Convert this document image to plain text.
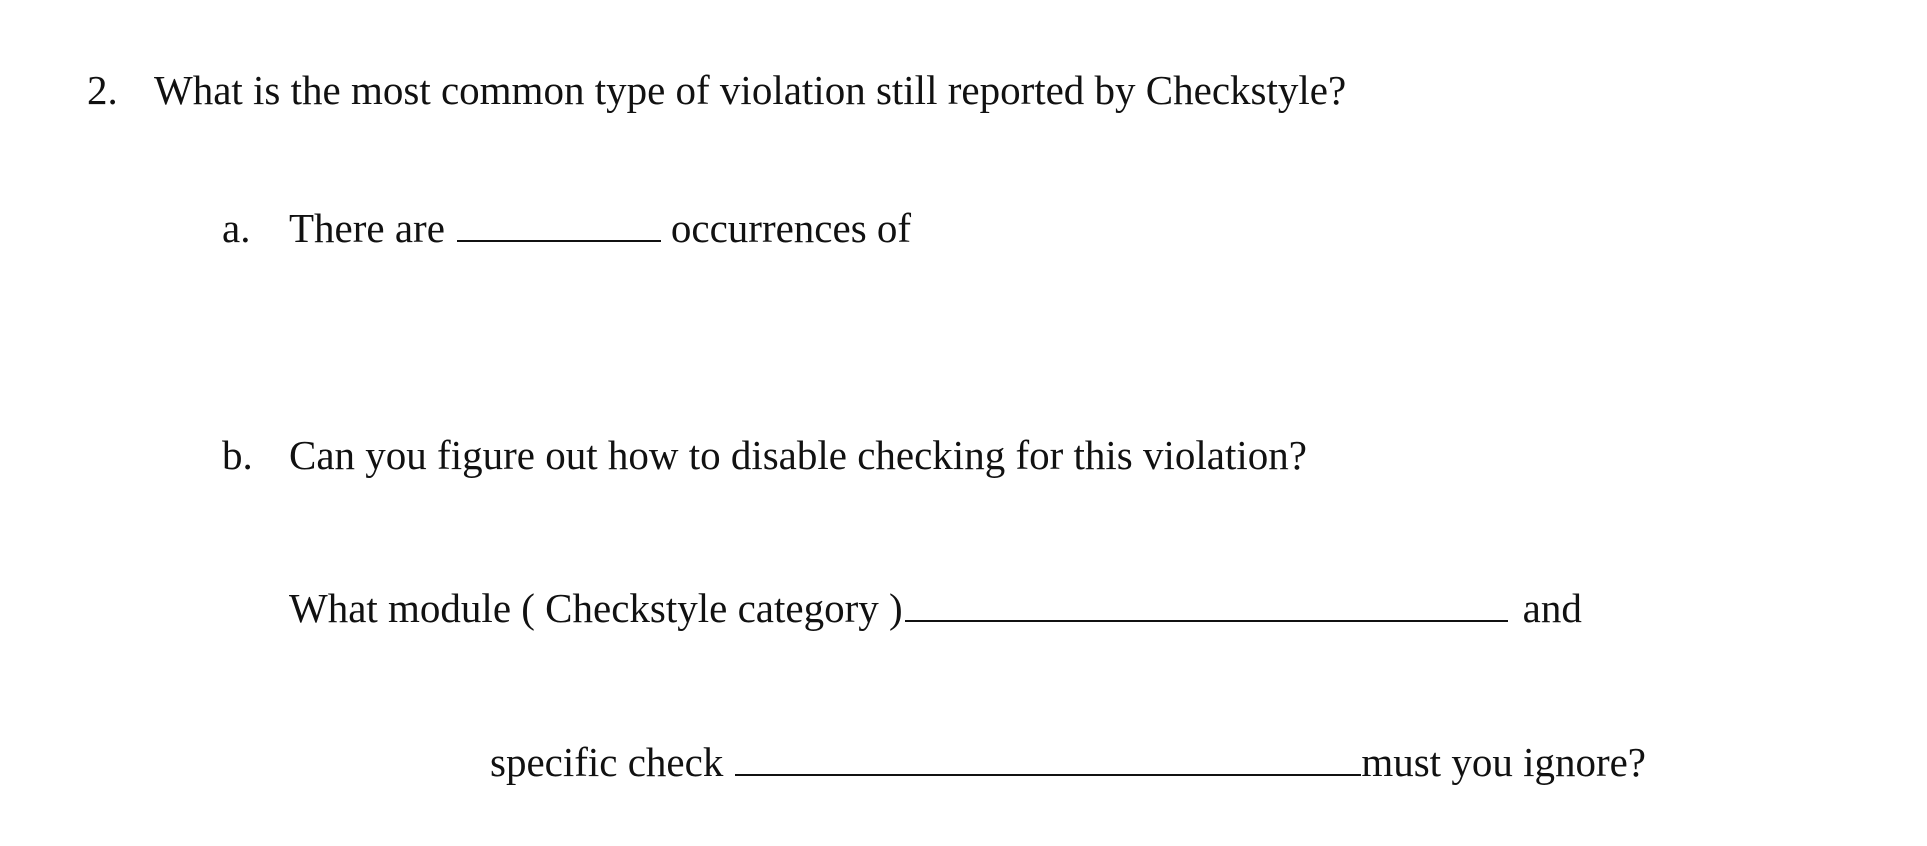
2. What is the most common type of violation still reported by Checkstyle?
a. There are	occurrences of
b. Can you figure out how to disable checking for this violation?
What module ( Checkstyle category )	and
specific check	must you ignore?
